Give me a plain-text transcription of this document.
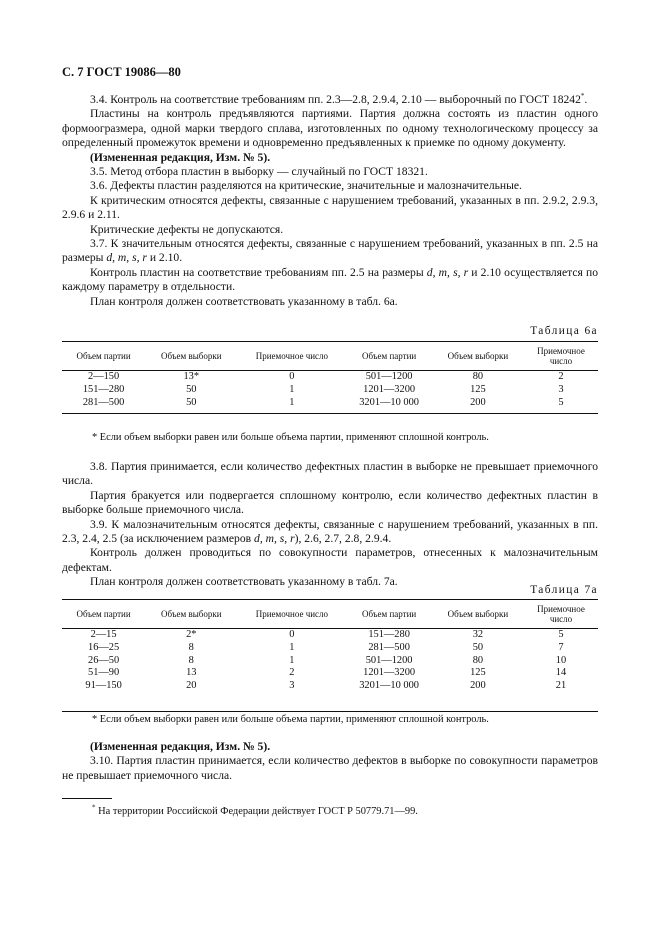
С. 7 ГОСТ 19086—80

3.4. Контроль на соответствие требованиям пп. 2.3—2.8, 2.9.4, 2.10 — выборочный по ГОСТ 18242*.

Пластины на контроль предъявляются партиями. Партия должна состоять из пластин одного формоогразмера, одной марки твердого сплава, изготовленных по одному технологическому процессу за определенный промежуток времени и одновременно предъявленных к приемке по одному документу.

(Измененная редакция, Изм. № 5).

3.5. Метод отбора пластин в выборку — случайный по ГОСТ 18321.

3.6. Дефекты пластин разделяются на критические, значительные и малозначительные.

К критическим относятся дефекты, связанные с нарушением требований, указанных в пп. 2.9.2, 2.9.3, 2.9.6 и 2.11.

Критические дефекты не допускаются.

3.7. К значительным относятся дефекты, связанные с нарушением требований, указанных в пп. 2.5 на размеры d, m, s, r и 2.10.

Контроль пластин на соответствие требованиям пп. 2.5 на размеры d, m, s, r и 2.10 осуществляется по каждому параметру в отдельности.

План контроля должен соответствовать указанному в табл. 6а.

Таблица 6а
Объем партии	Объем выборки	Приемочное число	Объем партии	Объем выборки	Приемочное число
2—150	13*	0	501—1200	80	2
151—280	50	1	1201—3200	125	3
281—500	50	1	3201—10 000	200	5
* Если объем выборки равен или больше объема партии, применяют сплошной контроль.

3.8. Партия принимается, если количество дефектных пластин в выборке не превышает приемочного числа.

Партия бракуется или подвергается сплошному контролю, если количество дефектных пластин в выборке больше приемочного числа.

3.9. К малозначительным относятся дефекты, связанные с нарушением требований, указанных в пп. 2.3, 2.4, 2.5 (за исключением размеров d, m, s, r), 2.6, 2.7, 2.8, 2.9.4.

Контроль должен проводиться по совокупности параметров, отнесенных к малозначительным дефектам.

План контроля должен соответствовать указанному в табл. 7а.

Таблица 7а
Объем партии	Объем выборки	Приемочное число	Объем партии	Объем выборки	Приемочное число
2—15	2*	0	151—280	32	5
16—25	8	1	281—500	50	7
26—50	8	1	501—1200	80	10
51—90	13	2	1201—3200	125	14
91—150	20	3	3201—10 000	200	21
* Если объем выборки равен или больше объема партии, применяют сплошной контроль.

(Измененная редакция, Изм. № 5).

3.10. Партия пластин принимается, если количество дефектов в выборке по совокупности параметров не превышает приемочного числа.

* На территории Российской Федерации действует ГОСТ Р 50779.71—99.
